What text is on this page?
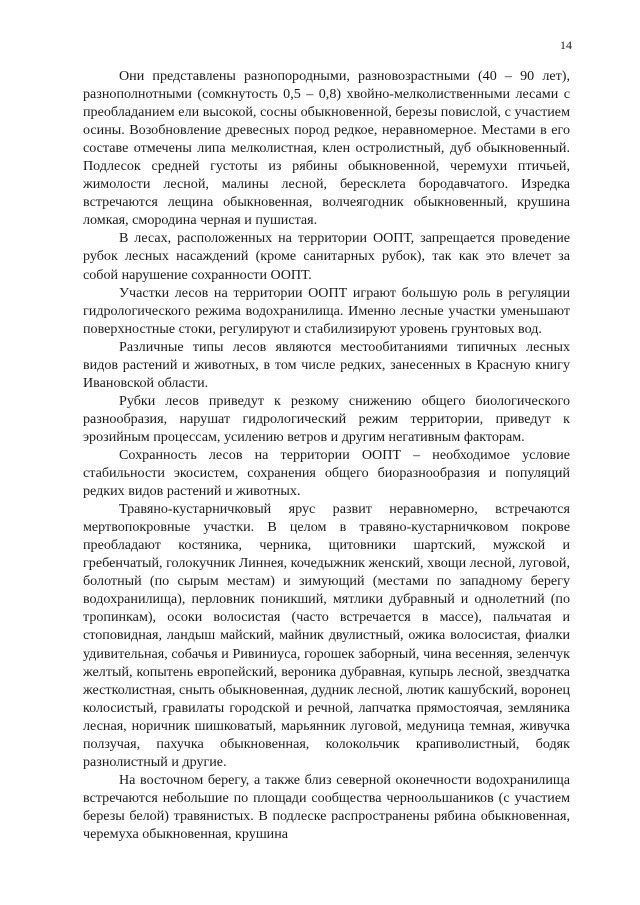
14

Они представлены разнопородными, разновозрастными (40 – 90 лет), разнополнотными (сомкнутость 0,5 – 0,8) хвойно-мелколиственными лесами с преобладанием ели высокой, сосны обыкновенной, березы повислой, с участием осины. Возобновление древесных пород редкое, неравномерное. Местами в его составе отмечены липа мелколистная, клен остролистный, дуб обыкновенный. Подлесок средней густоты из рябины обыкновенной, черемухи птичьей, жимолости лесной, малины лесной, бересклета бородавчатого. Изредка встречаются лещина обыкновенная, волчеягодник обыкновенный, крушина ломкая, смородина черная и пушистая.

В лесах, расположенных на территории ООПТ, запрещается проведение рубок лесных насаждений (кроме санитарных рубок), так как это влечет за собой нарушение сохранности ООПТ.

Участки лесов на территории ООПТ играют большую роль в регуляции гидрологического режима водохранилища. Именно лесные участки уменьшают поверхностные стоки, регулируют и стабилизируют уровень грунтовых вод.

Различные типы лесов являются местообитаниями типичных лесных видов растений и животных, в том числе редких, занесенных в Красную книгу Ивановской области.

Рубки лесов приведут к резкому снижению общего биологического разнообразия, нарушат гидрологический режим территории, приведут к эрозийным процессам, усилению ветров и другим негативным факторам.

Сохранность лесов на территории ООПТ – необходимое условие стабильности экосистем, сохранения общего биоразнообразия и популяций редких видов растений и животных.

Травяно-кустарничковый ярус развит неравномерно, встречаются мертвопокровные участки. В целом в травяно-кустарничковом покрове преобладают костяника, черника, щитовники шартский, мужской и гребенчатый, голокучник Линнея, кочедыжник женский, хвощи лесной, луговой, болотный (по сырым местам) и зимующий (местами по западному берегу водохранилища), перловник поникший, мятлики дубравный и однолетний (по тропинкам), осоки волосистая (часто встречается в массе), пальчатая и стоповидная, ландыш майский, майник двулистный, ожика волосистая, фиалки удивительная, собачья и Ривиниуса, горошек заборный, чина весенняя, зеленчук желтый, копытень европейский, вероника дубравная, купырь лесной, звездчатка жестколистная, сныть обыкновенная, дудник лесной, лютик кашубский, воронец колосистый, гравилаты городской и речной, лапчатка прямостоячая, земляника лесная, норичник шишковатый, марьянник луговой, медуница темная, живучка ползучая, пахучка обыкновенная, колокольчик крапиволистный, бодяк разнолистный и другие.

На восточном берегу, а также близ северной оконечности водохранилища встречаются небольшие по площади сообщества черноольшаников (с участием березы белой) травянистых. В подлеске распространены рябина обыкновенная, черемуха обыкновенная, крушина
